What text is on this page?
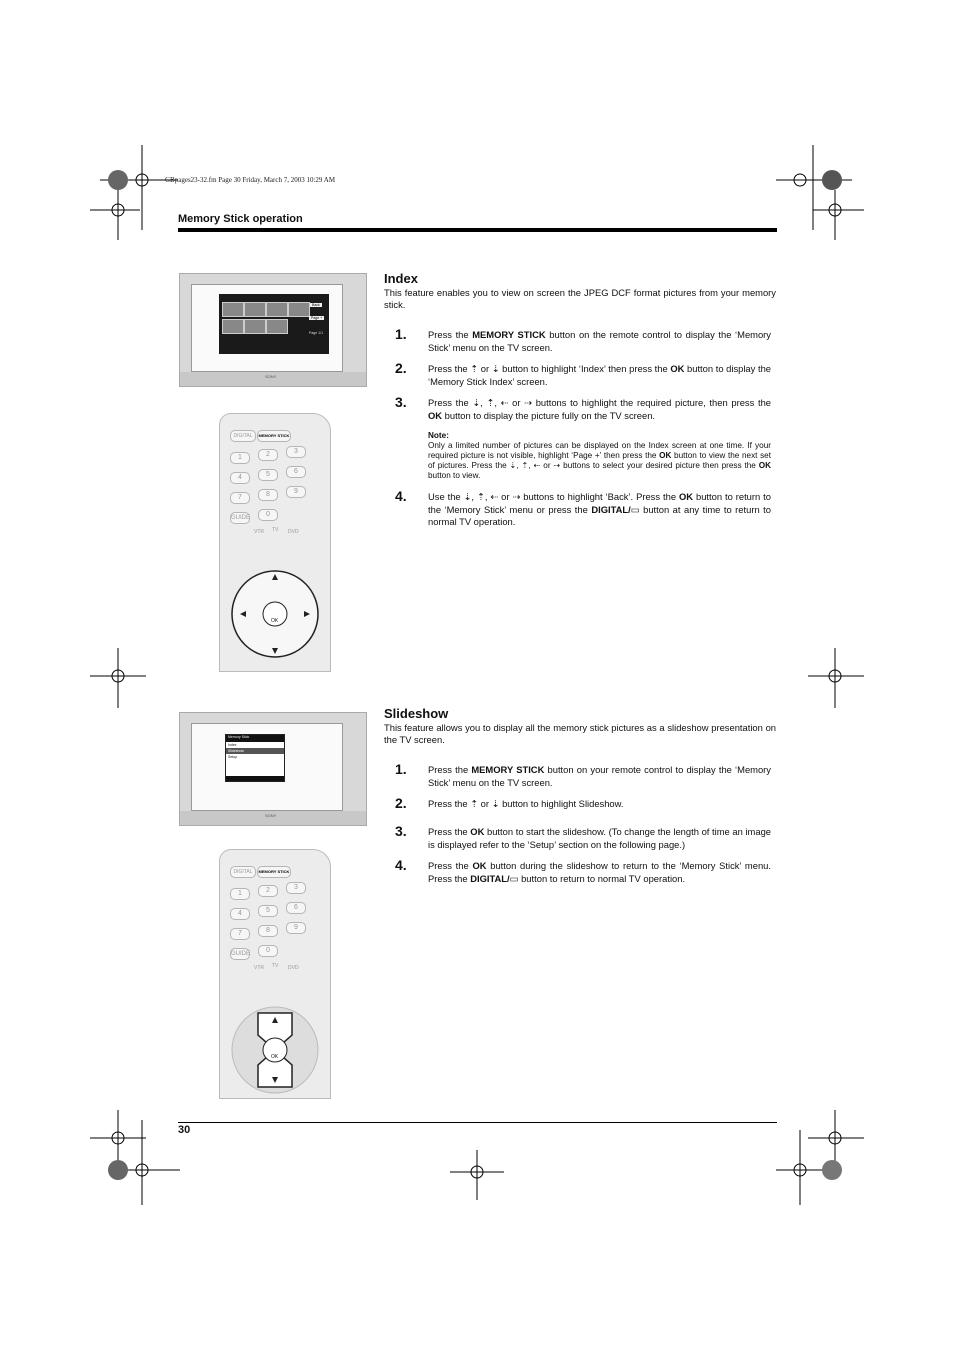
GBpages23-32.fm Page 30 Friday, March 7, 2003 10:29 AM
Memory Stick operation
Back
Page +
Page 1/1
SONY
DIGITAL	MEMORY STICK
1	2	3
4	5	6
7	8	9
GUIDE	0
VTR TV DVD
OK
Index

This feature enables you to view on screen the JPEG DCF format pictures from your memory stick.

1. Press the MEMORY STICK button on the remote control to display the ‘Memory Stick’ menu on the TV screen.
2. Press the ⇡ or ⇣ button to highlight ‘Index’ then press the OK button to display the ‘Memory Stick Index’ screen.
3. Press the ⇣, ⇡, ⇠ or ⇢ buttons to highlight the required picture, then press the OK button to display the picture fully on the TV screen.
Note:
Only a limited number of pictures can be displayed on the Index screen at one time. If your required picture is not visible, highlight ‘Page +’ then press the OK button to view the next set of pictures. Press the ⇣, ⇡, ⇠ or ⇢ buttons to select your desired picture then press the OK button to view.
4. Use the ⇣, ⇡, ⇠ or ⇢ buttons to highlight ‘Back’. Press the OK button to return to the ‘Memory Stick’ menu or press the DIGITAL/▭ button at any time to return to normal TV operation.
Memory Stick
Index
Slideshow
Setup
SONY
DIGITAL	MEMORY STICK
1	2	3
4	5	6
7	8	9
GUIDE	0
VTR TV DVD
OK
Slideshow

This feature allows you to display all the memory stick pictures as a slideshow presentation on the TV screen.

1. Press the MEMORY STICK button on your remote control to display the ‘Memory Stick’ menu on the TV screen.
2. Press the ⇡ or ⇣ button to highlight Slideshow.
3. Press the OK button to start the slideshow. (To change the length of time an image is displayed refer to the ‘Setup’ section on the following page.)
4. Press the OK button during the slideshow to return to the ‘Memory Stick’ menu. Press the DIGITAL/▭ button to return to normal TV operation.
30
